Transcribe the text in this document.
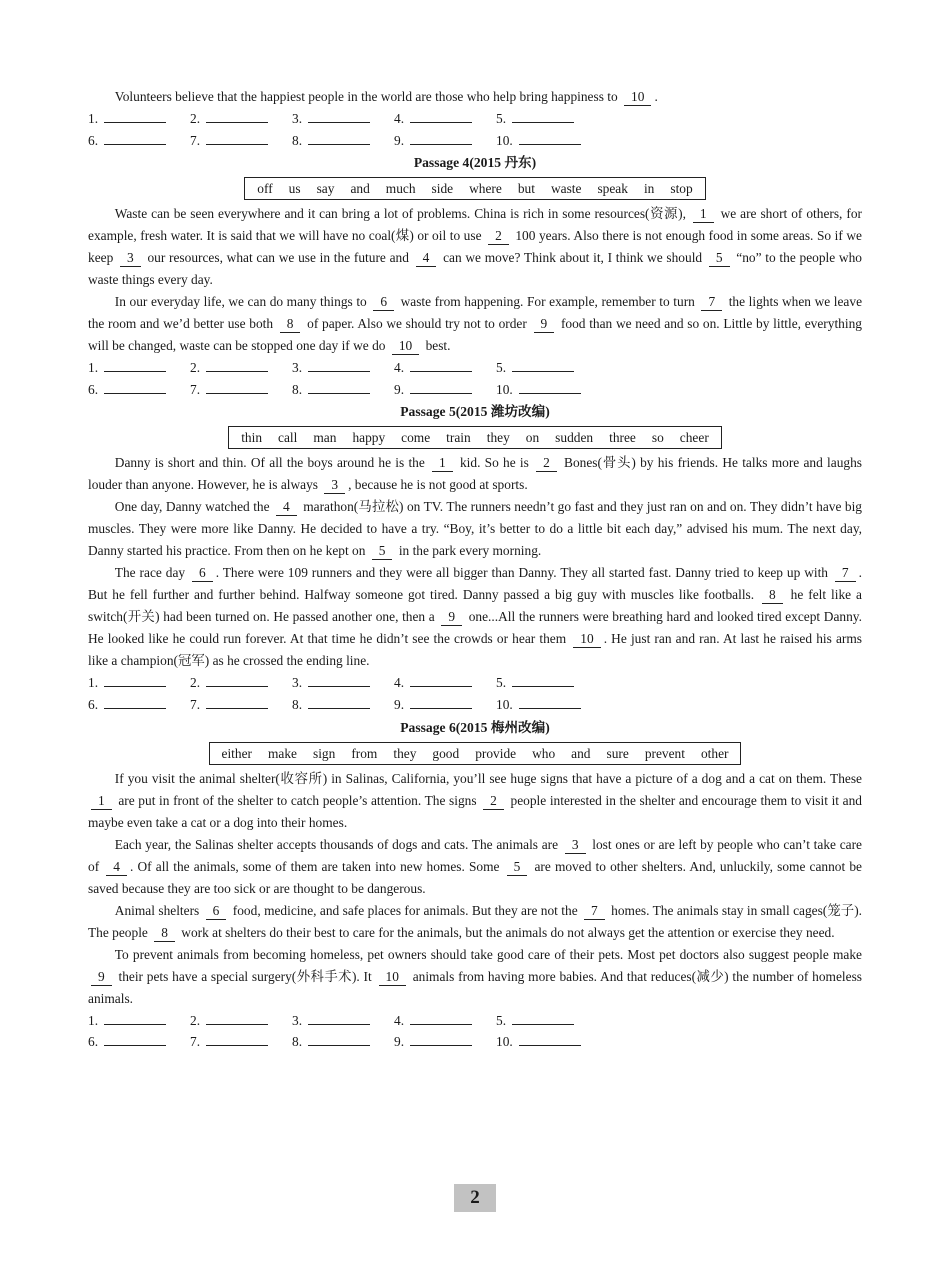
Volunteers believe that the happiest people in the world are those who help bring happiness to 10 .

1.	2.	3.	4.	5.
6.	7.	8.	9.	10.
Passage 4(2015 丹东)
off us say and much side where but waste speak in stop

Waste can be seen everywhere and it can bring a lot of problems. China is rich in some resources(资源), 1 we are short of others, for example, fresh water. It is said that we will have no coal(煤) or oil to use 2 100 years. Also there is not enough food in some areas. So if we keep 3 our resources, what can we use in the future and 4 can we move? Think about it, I think we should 5 “no” to the people who waste things every day.

In our everyday life, we can do many things to 6 waste from happening. For example, remember to turn 7 the lights when we leave the room and we’d better use both 8 of paper. Also we should try not to order 9 food than we need and so on. Little by little, everything will be changed, waste can be stopped one day if we do 10 best.

1.	2.	3.	4.	5.
6.	7.	8.	9.	10.
Passage 5(2015 潍坊改编)
thin call man happy come train they on sudden three so cheer

Danny is short and thin. Of all the boys around he is the 1 kid. So he is 2 Bones(骨头) by his friends. He talks more and laughs louder than anyone. However, he is always 3 , because he is not good at sports.

One day, Danny watched the 4 marathon(马拉松) on TV. The runners needn’t go fast and they just ran on and on. They didn’t have big muscles. They were more like Danny. He decided to have a try. “Boy, it’s better to do a little bit each day,” advised his mum. The next day, Danny started his practice. From then on he kept on 5 in the park every morning.

The race day 6 . There were 109 runners and they were all bigger than Danny. They all started fast. Danny tried to keep up with 7 . But he fell further and further behind. Halfway someone got tired. Danny passed a big guy with muscles like footballs. 8 he felt like a switch(开关) had been turned on. He passed another one, then a 9 one...All the runners were breathing hard and looked tired except Danny. He looked like he could run forever. At that time he didn’t see the crowds or hear them 10 . He just ran and ran. At last he raised his arms like a champion(冠军) as he crossed the ending line.

1.	2.	3.	4.	5.
6.	7.	8.	9.	10.
Passage 6(2015 梅州改编)
either make sign from they good provide who and sure prevent other

If you visit the animal shelter(收容所) in Salinas, California, you’ll see huge signs that have a picture of a dog and a cat on them. These 1 are put in front of the shelter to catch people’s attention. The signs 2 people interested in the shelter and encourage them to visit it and maybe even take a cat or a dog into their homes.

Each year, the Salinas shelter accepts thousands of dogs and cats. The animals are 3 lost ones or are left by people who can’t take care of 4 . Of all the animals, some of them are taken into new homes. Some 5 are moved to other shelters. And, unluckily, some cannot be saved because they are too sick or are thought to be dangerous.

Animal shelters 6 food, medicine, and safe places for animals. But they are not the 7 homes. The animals stay in small cages(笼子). The people 8 work at shelters do their best to care for the animals, but the animals do not always get the attention or exercise they need.

To prevent animals from becoming homeless, pet owners should take good care of their pets. Most pet doctors also suggest people make 9 their pets have a special surgery(外科手术). It 10 animals from having more babies. And that reduces(减少) the number of homeless animals.

1.	2.	3.	4.	5.
6.	7.	8.	9.	10.
2
